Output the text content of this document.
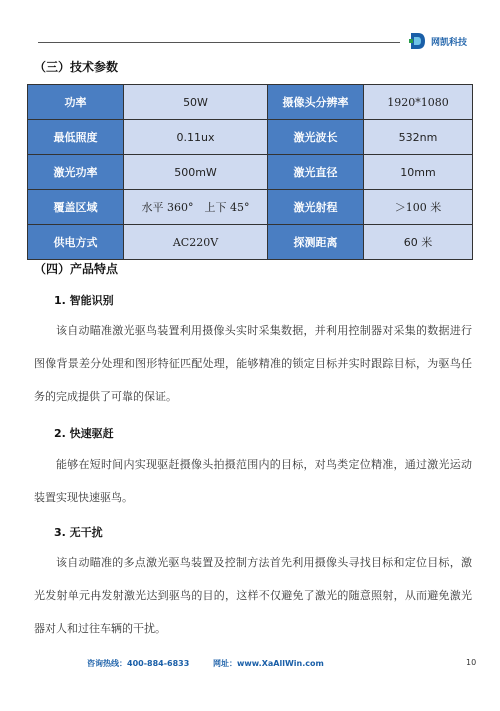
网凯科技
（三）技术参数
功率	50W	摄像头分辨率	1920*1080
最低照度	0.11ux	激光波长	532nm
激光功率	500mW	激光直径	10mm
覆盖区域	水平 360°　上下 45°	激光射程	＞100 米
供电方式	AC220V	探测距离	60 米
（四）产品特点
1. 智能识别
该自动瞄准激光驱鸟装置利用摄像头实时采集数据，并利用控制器对采集的数据进行图像背景差分处理和图形特征匹配处理，能够精准的锁定目标并实时跟踪目标，为驱鸟任务的完成提供了可靠的保证。
2. 快速驱赶
能够在短时间内实现驱赶摄像头拍摄范围内的目标，对鸟类定位精准，通过激光运动装置实现快速驱鸟。
3. 无干扰
该自动瞄准的多点激光驱鸟装置及控制方法首先利用摄像头寻找目标和定位目标，激光发射单元冉发射激光达到驱鸟的目的，这样不仅避免了激光的随意照射，从而避免激光器对人和过往车辆的干扰。
咨询热线：400-884-6833	网址：www.XaAllWin.com	10
